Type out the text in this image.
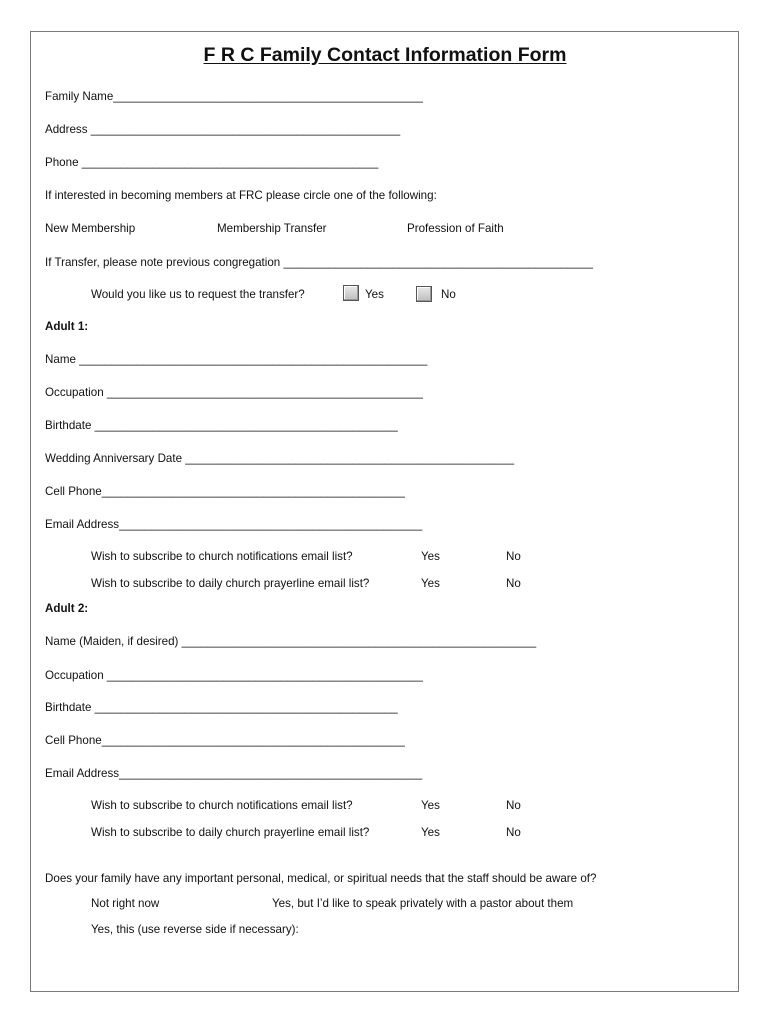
F R C Family Contact Information Form
Family Name________________________________________________
Address ________________________________________________
Phone ______________________________________________
If interested in becoming members at FRC please circle one of the following:
New Membership	Membership Transfer	Profession of Faith
If Transfer, please note previous congregation ________________________________________________
Would you like us to request the transfer?	Yes	No
Adult 1:
Name ______________________________________________________
Occupation _________________________________________________
Birthdate _______________________________________________
Wedding Anniversary Date ___________________________________________________
Cell Phone_______________________________________________
Email Address_______________________________________________
Wish to subscribe to church notifications email list?	Yes	No
Wish to subscribe to daily church prayerline email list?	Yes	No
Adult 2:
Name (Maiden, if desired) _______________________________________________________
Occupation _________________________________________________
Birthdate _______________________________________________
Cell Phone_______________________________________________
Email Address_______________________________________________
Wish to subscribe to church notifications email list?	Yes	No
Wish to subscribe to daily church prayerline email list?	Yes	No
Does your family have any important personal, medical, or spiritual needs that the staff should be aware of?
Not right now	Yes, but I’d like to speak privately with a pastor about them
Yes, this (use reverse side if necessary):
